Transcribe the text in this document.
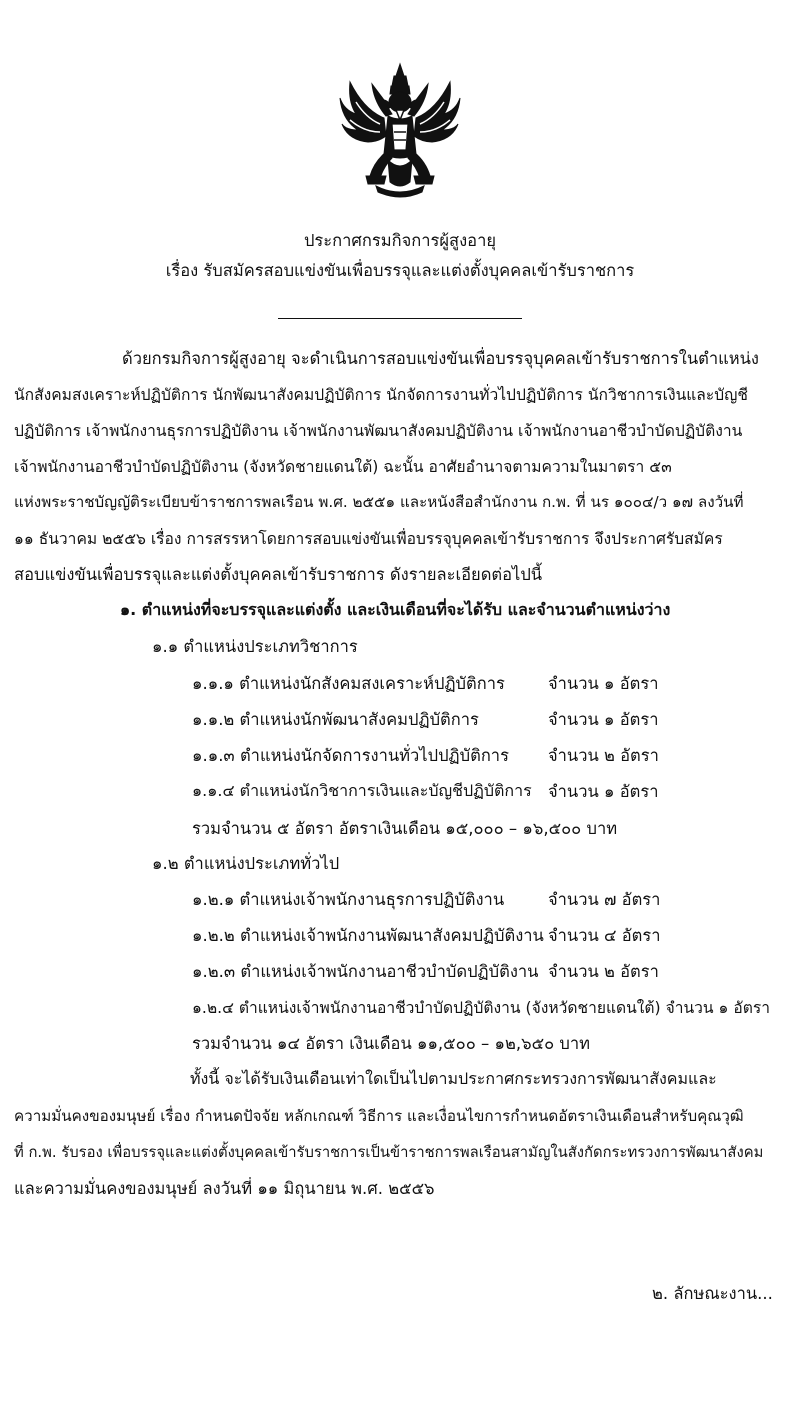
ประกาศกรมกิจการผู้สูงอายุ
เรื่อง รับสมัครสอบแข่งขันเพื่อบรรจุและแต่งตั้งบุคคลเข้ารับราชการ
ด้วยกรมกิจการผู้สูงอายุ จะดำเนินการสอบแข่งขันเพื่อบรรจุบุคคลเข้ารับราชการในตำแหน่ง
นักสังคมสงเคราะห์ปฏิบัติการ นักพัฒนาสังคมปฏิบัติการ นักจัดการงานทั่วไปปฏิบัติการ นักวิชาการเงินและบัญชี
ปฏิบัติการ เจ้าพนักงานธุรการปฏิบัติงาน เจ้าพนักงานพัฒนาสังคมปฏิบัติงาน เจ้าพนักงานอาชีวบำบัดปฏิบัติงาน
เจ้าพนักงานอาชีวบำบัดปฏิบัติงาน (จังหวัดชายแดนใต้) ฉะนั้น อาศัยอำนาจตามความในมาตรา ๕๓
แห่งพระราชบัญญัติระเบียบข้าราชการพลเรือน พ.ศ. ๒๕๕๑ และหนังสือสำนักงาน ก.พ. ที่ นร ๑๐๐๔/ว ๑๗ ลงวันที่
๑๑ ธันวาคม ๒๕๕๖ เรื่อง การสรรหาโดยการสอบแข่งขันเพื่อบรรจุบุคคลเข้ารับราชการ จึงประกาศรับสมัคร
สอบแข่งขันเพื่อบรรจุและแต่งตั้งบุคคลเข้ารับราชการ ดังรายละเอียดต่อไปนี้
๑. ตำแหน่งที่จะบรรจุและแต่งตั้ง และเงินเดือนที่จะได้รับ และจำนวนตำแหน่งว่าง
๑.๑ ตำแหน่งประเภทวิชาการ
๑.๑.๑ ตำแหน่งนักสังคมสงเคราะห์ปฏิบัติการ	จำนวน ๑ อัตรา
๑.๑.๒ ตำแหน่งนักพัฒนาสังคมปฏิบัติการ	จำนวน ๑ อัตรา
๑.๑.๓ ตำแหน่งนักจัดการงานทั่วไปปฏิบัติการ จำนวน ๒ อัตรา
๑.๑.๔ ตำแหน่งนักวิชาการเงินและบัญชีปฏิบัติการ จำนวน ๑ อัตรา
รวมจำนวน ๕ อัตรา อัตราเงินเดือน ๑๕,๐๐๐ – ๑๖,๕๐๐ บาท
๑.๒ ตำแหน่งประเภททั่วไป
๑.๒.๑ ตำแหน่งเจ้าพนักงานธุรการปฏิบัติงาน	จำนวน ๗ อัตรา
๑.๒.๒ ตำแหน่งเจ้าพนักงานพัฒนาสังคมปฏิบัติงาน จำนวน ๔ อัตรา
๑.๒.๓ ตำแหน่งเจ้าพนักงานอาชีวบำบัดปฏิบัติงาน จำนวน ๒ อัตรา
๑.๒.๔ ตำแหน่งเจ้าพนักงานอาชีวบำบัดปฏิบัติงาน (จังหวัดชายแดนใต้) จำนวน ๑ อัตรา
รวมจำนวน ๑๔ อัตรา เงินเดือน ๑๑,๕๐๐ – ๑๒,๖๕๐ บาท
ทั้งนี้ จะได้รับเงินเดือนเท่าใดเป็นไปตามประกาศกระทรวงการพัฒนาสังคมและ
ความมั่นคงของมนุษย์ เรื่อง กำหนดปัจจัย หลักเกณฑ์ วิธีการ และเงื่อนไขการกำหนดอัตราเงินเดือนสำหรับคุณวุฒิ
ที่ ก.พ. รับรอง เพื่อบรรจุและแต่งตั้งบุคคลเข้ารับราชการเป็นข้าราชการพลเรือนสามัญในสังกัดกระทรวงการพัฒนาสังคม
และความมั่นคงของมนุษย์ ลงวันที่ ๑๑ มิถุนายน พ.ศ. ๒๕๕๖
๒. ลักษณะงาน...
